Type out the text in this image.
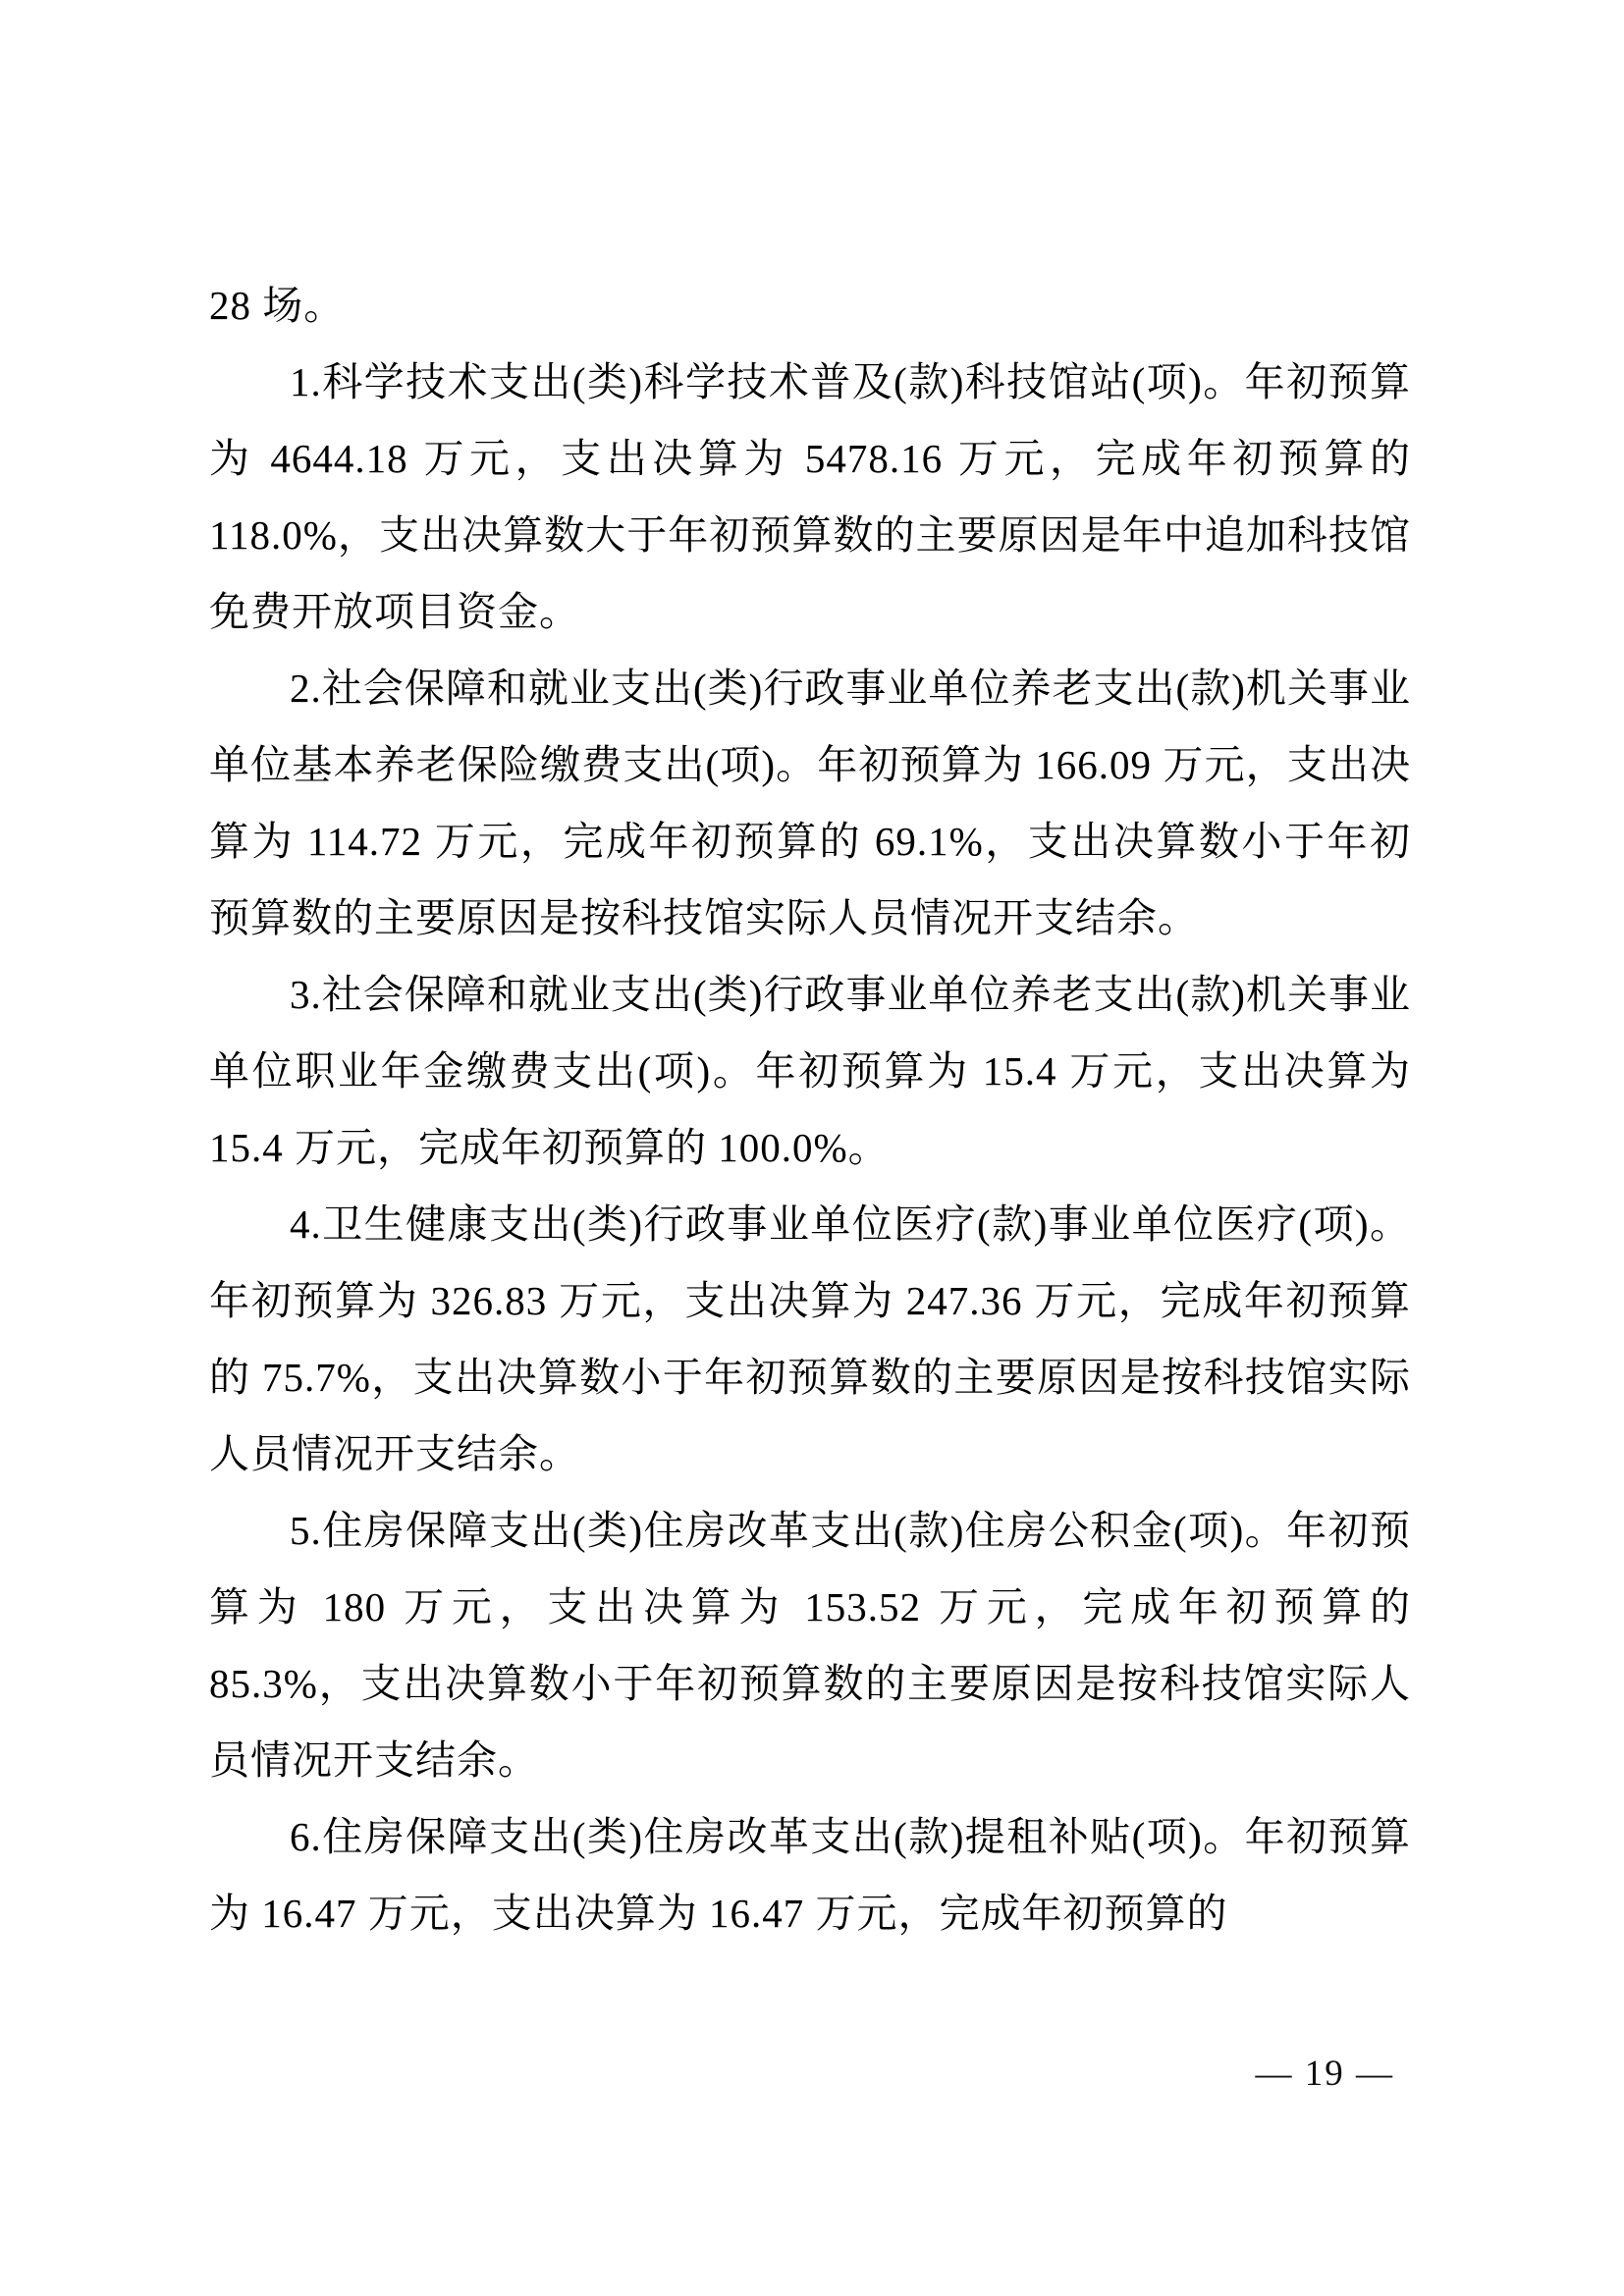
28 场。

1.科学技术支出(类)科学技术普及(款)科技馆站(项)。年初预算为 4644.18 万元，支出决算为 5478.16 万元，完成年初预算的 118.0%，支出决算数大于年初预算数的主要原因是年中追加科技馆免费开放项目资金。

2.社会保障和就业支出(类)行政事业单位养老支出(款)机关事业单位基本养老保险缴费支出(项)。年初预算为 166.09 万元，支出决算为 114.72 万元，完成年初预算的 69.1%，支出决算数小于年初预算数的主要原因是按科技馆实际人员情况开支结余。

3.社会保障和就业支出(类)行政事业单位养老支出(款)机关事业单位职业年金缴费支出(项)。年初预算为 15.4 万元，支出决算为 15.4 万元，完成年初预算的 100.0%。

4.卫生健康支出(类)行政事业单位医疗(款)事业单位医疗(项)。年初预算为 326.83 万元，支出决算为 247.36 万元，完成年初预算的 75.7%，支出决算数小于年初预算数的主要原因是按科技馆实际人员情况开支结余。

5.住房保障支出(类)住房改革支出(款)住房公积金(项)。年初预算为 180 万元，支出决算为 153.52 万元，完成年初预算的 85.3%，支出决算数小于年初预算数的主要原因是按科技馆实际人员情况开支结余。

6.住房保障支出(类)住房改革支出(款)提租补贴(项)。年初预算为 16.47 万元，支出决算为 16.47 万元，完成年初预算的

— 19 —
